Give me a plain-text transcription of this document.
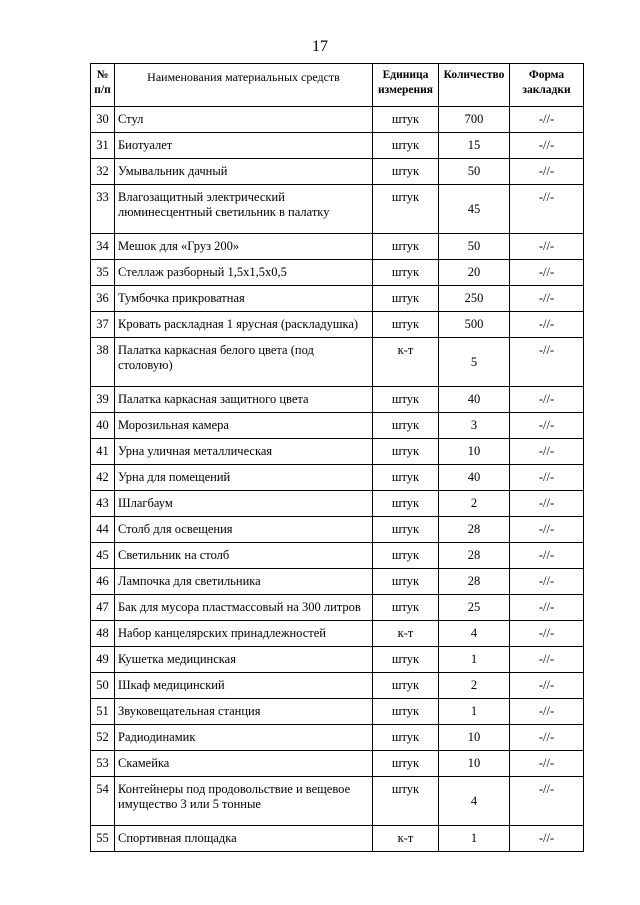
17
№ п/п	Наименования материальных средств	Единица измерения	Количество	Форма закладки
30	Стул	штук	700	-//-
31	Биотуалет	штук	15	-//-
32	Умывальник дачный	штук	50	-//-
33	Влагозащитный электрический люминесцентный светильник в палатку	штук	45	-//-
34	Мешок для «Груз 200»	штук	50	-//-
35	Стеллаж разборный 1,5х1,5х0,5	штук	20	-//-
36	Тумбочка прикроватная	штук	250	-//-
37	Кровать раскладная 1 ярусная (раскладушка)	штук	500	-//-
38	Палатка каркасная белого цвета (под столовую)	к-т	5	-//-
39	Палатка каркасная защитного цвета	штук	40	-//-
40	Морозильная камера	штук	3	-//-
41	Урна уличная металлическая	штук	10	-//-
42	Урна для помещений	штук	40	-//-
43	Шлагбаум	штук	2	-//-
44	Столб для освещения	штук	28	-//-
45	Светильник на столб	штук	28	-//-
46	Лампочка для светильника	штук	28	-//-
47	Бак для мусора пластмассовый на 300 литров	штук	25	-//-
48	Набор канцелярских принадлежностей	к-т	4	-//-
49	Кушетка медицинская	штук	1	-//-
50	Шкаф медицинский	штук	2	-//-
51	Звуковещательная станция	штук	1	-//-
52	Радиодинамик	штук	10	-//-
53	Скамейка	штук	10	-//-
54	Контейнеры под продовольствие и вещевое имущество 3 или 5 тонные	штук	4	-//-
55	Спортивная площадка	к-т	1	-//-
